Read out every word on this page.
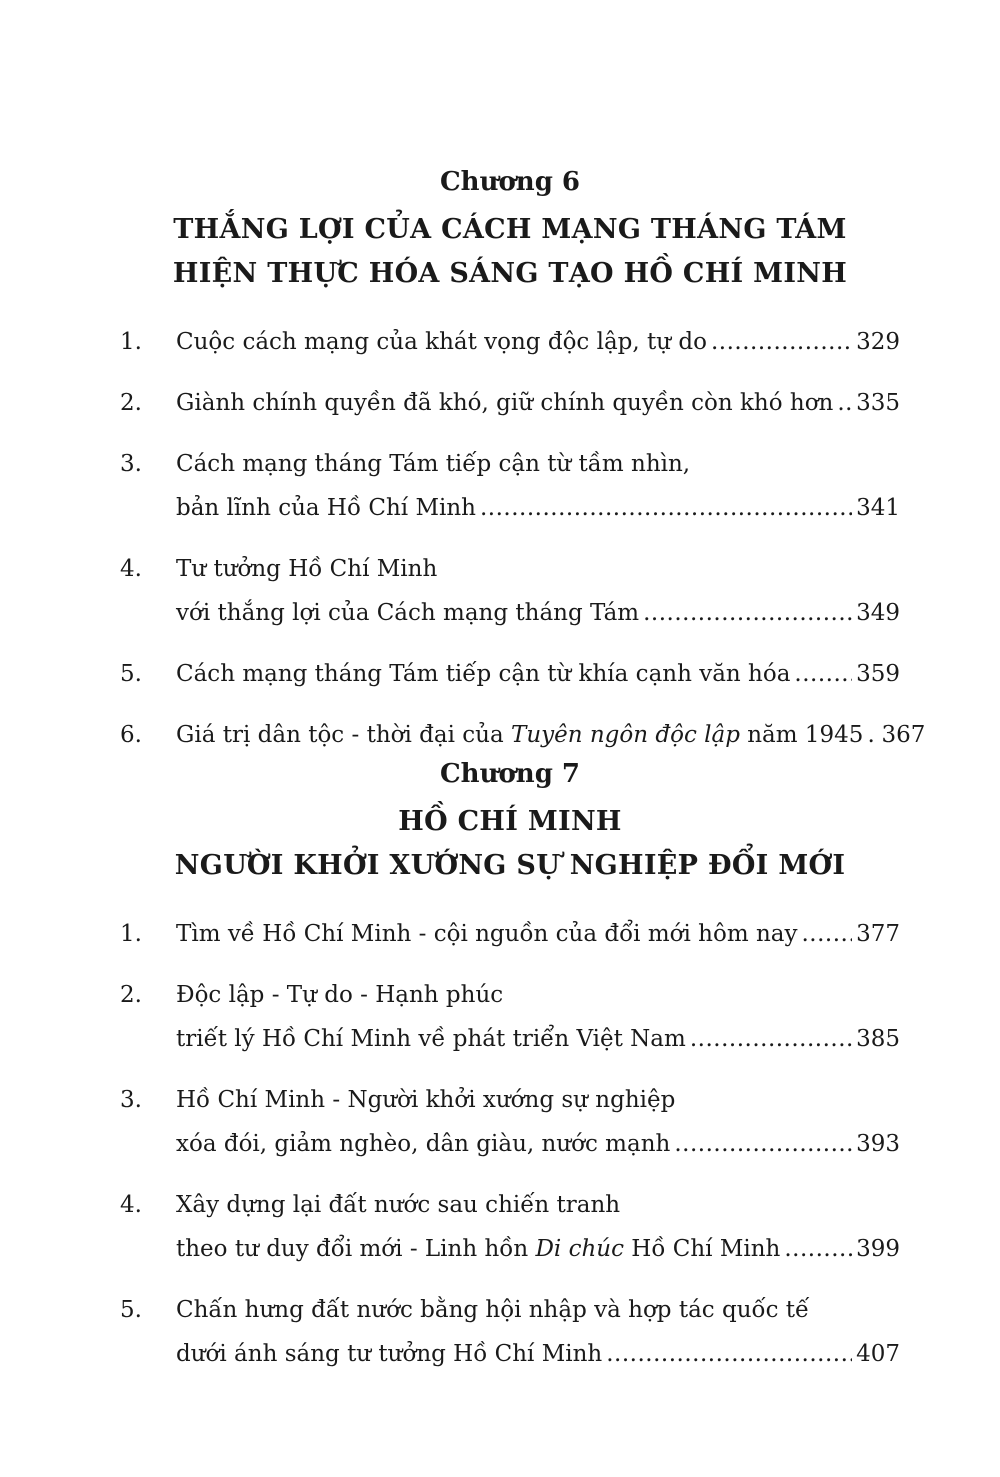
Chương 6
THẮNG LỢI CỦA CÁCH MẠNG THÁNG TÁM
HIỆN THỰC HÓA SÁNG TẠO HỒ CHÍ MINH
1.	Cuộc cách mạng của khát vọng độc lập, tự do .....	329
2.	Giành chính quyền đã khó, giữ chính quyền còn khó hơn ..... 335
3.	Cách mạng tháng Tám tiếp cận từ tầm nhìn,
bản lĩnh của Hồ Chí Minh .....	341
4.	Tư tưởng Hồ Chí Minh
với thắng lợi của Cách mạng tháng Tám .....	349
5.	Cách mạng tháng Tám tiếp cận từ khía cạnh văn hóa .....	359
6.	Giá trị dân tộc - thời đại của Tuyên ngôn độc lập năm 1945 ..... 367
Chương 7
HỒ CHÍ MINH
NGƯỜI KHỞI XƯỚNG SỰ NGHIỆP ĐỔI MỚI
1.	Tìm về Hồ Chí Minh - cội nguồn của đổi mới hôm nay .....	377
2.	Độc lập - Tự do - Hạnh phúc
triết lý Hồ Chí Minh về phát triển Việt Nam .....	385
3.	Hồ Chí Minh - Người khởi xướng sự nghiệp
xóa đói, giảm nghèo, dân giàu, nước mạnh .....	393
4.	Xây dựng lại đất nước sau chiến tranh
theo tư duy đổi mới - Linh hồn Di chúc Hồ Chí Minh .....	399
5.	Chấn hưng đất nước bằng hội nhập và hợp tác quốc tế
dưới ánh sáng tư tưởng Hồ Chí Minh .....	407
